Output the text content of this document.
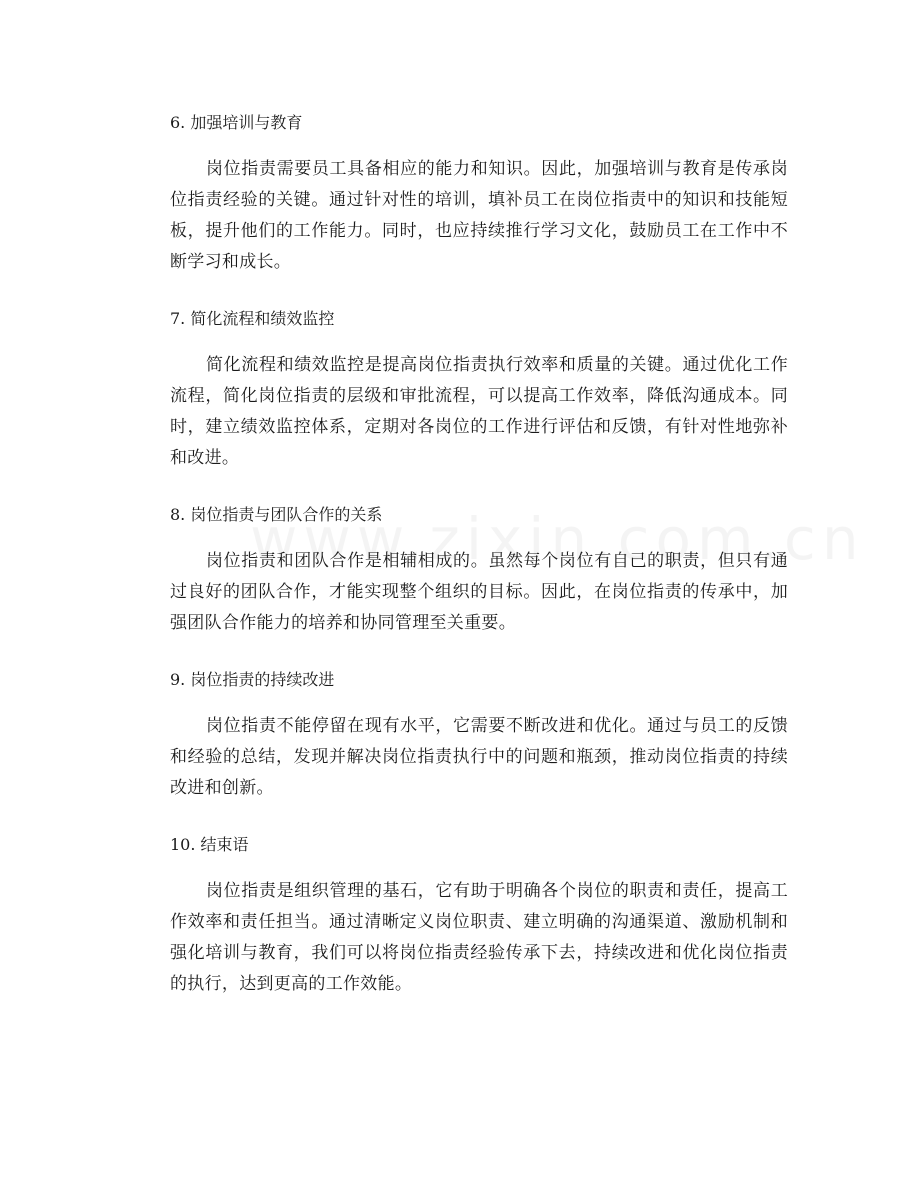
6. 加强培训与教育

岗位指责需要员工具备相应的能力和知识。因此，加强培训与教育是传承岗位指责经验的关键。通过针对性的培训，填补员工在岗位指责中的知识和技能短板，提升他们的工作能力。同时，也应持续推行学习文化，鼓励员工在工作中不断学习和成长。

7. 简化流程和绩效监控

简化流程和绩效监控是提高岗位指责执行效率和质量的关键。通过优化工作流程，简化岗位指责的层级和审批流程，可以提高工作效率，降低沟通成本。同时，建立绩效监控体系，定期对各岗位的工作进行评估和反馈，有针对性地弥补和改进。

8. 岗位指责与团队合作的关系

岗位指责和团队合作是相辅相成的。虽然每个岗位有自己的职责，但只有通过良好的团队合作，才能实现整个组织的目标。因此，在岗位指责的传承中，加强团队合作能力的培养和协同管理至关重要。

9. 岗位指责的持续改进

岗位指责不能停留在现有水平，它需要不断改进和优化。通过与员工的反馈和经验的总结，发现并解决岗位指责执行中的问题和瓶颈，推动岗位指责的持续改进和创新。

10. 结束语

岗位指责是组织管理的基石，它有助于明确各个岗位的职责和责任，提高工作效率和责任担当。通过清晰定义岗位职责、建立明确的沟通渠道、激励机制和强化培训与教育，我们可以将岗位指责经验传承下去，持续改进和优化岗位指责的执行，达到更高的工作效能。
